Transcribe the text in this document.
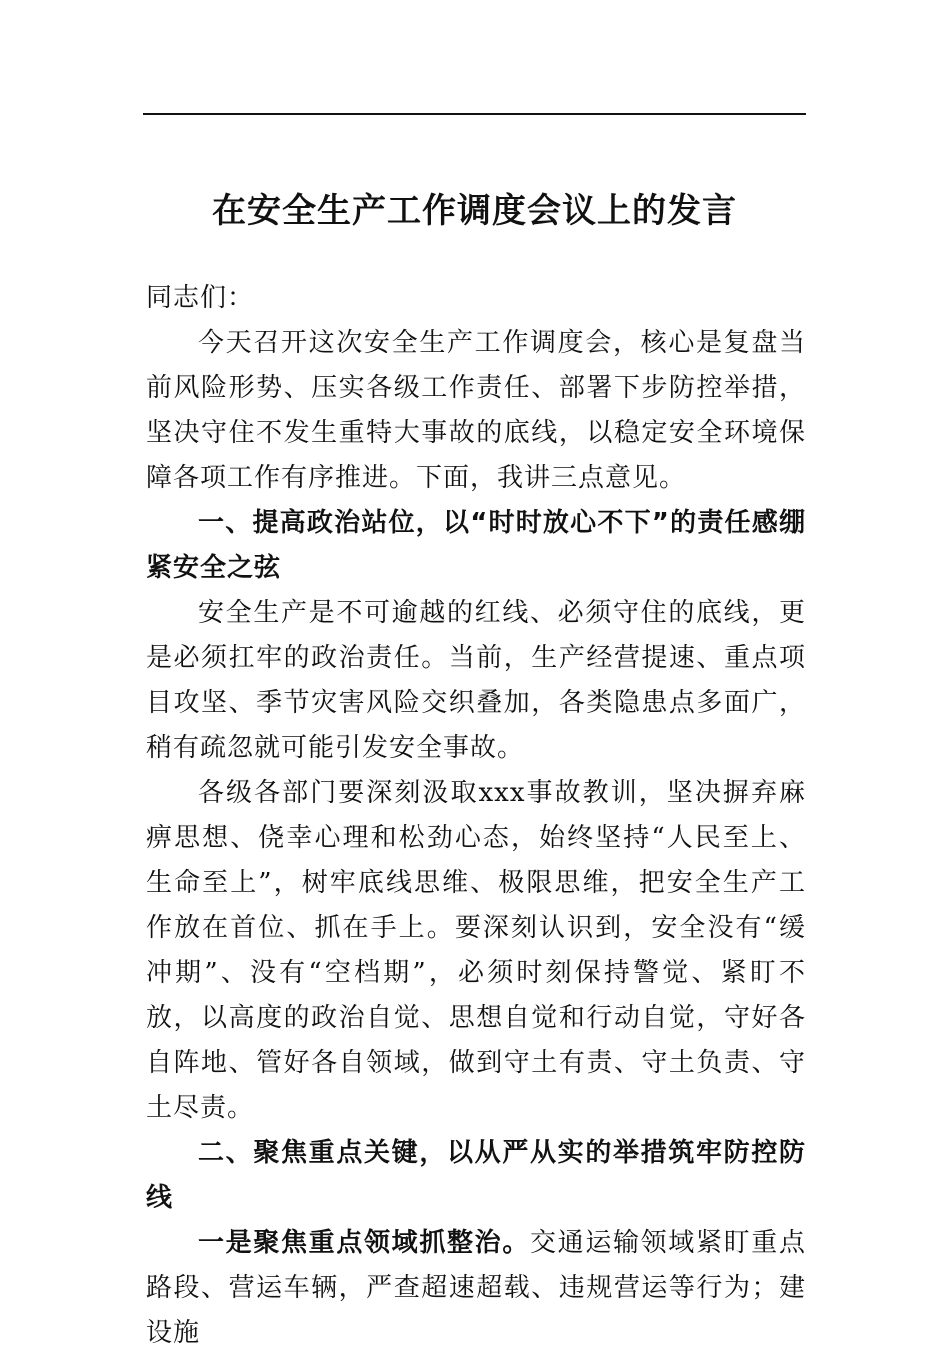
在安全生产工作调度会议上的发言

同志们：

今天召开这次安全生产工作调度会，核心是复盘当前风险形势、压实各级工作责任、部署下步防控举措，坚决守住不发生重特大事故的底线，以稳定安全环境保障各项工作有序推进。下面，我讲三点意见。

一、提高政治站位，以“时时放心不下”的责任感绷紧安全之弦

安全生产是不可逾越的红线、必须守住的底线，更是必须扛牢的政治责任。当前，生产经营提速、重点项目攻坚、季节灾害风险交织叠加，各类隐患点多面广，稍有疏忽就可能引发安全事故。

各级各部门要深刻汲取xxx事故教训，坚决摒弃麻痹思想、侥幸心理和松劲心态，始终坚持“人民至上、生命至上”，树牢底线思维、极限思维，把安全生产工作放在首位、抓在手上。要深刻认识到，安全没有“缓冲期”、没有“空档期”，必须时刻保持警觉、紧盯不放，以高度的政治自觉、思想自觉和行动自觉，守好各自阵地、管好各自领域，做到守土有责、守土负责、守土尽责。

二、聚焦重点关键，以从严从实的举措筑牢防控防线

一是聚焦重点领域抓整治。交通运输领域紧盯重点路段、营运车辆，严查超速超载、违规营运等行为；建设施
